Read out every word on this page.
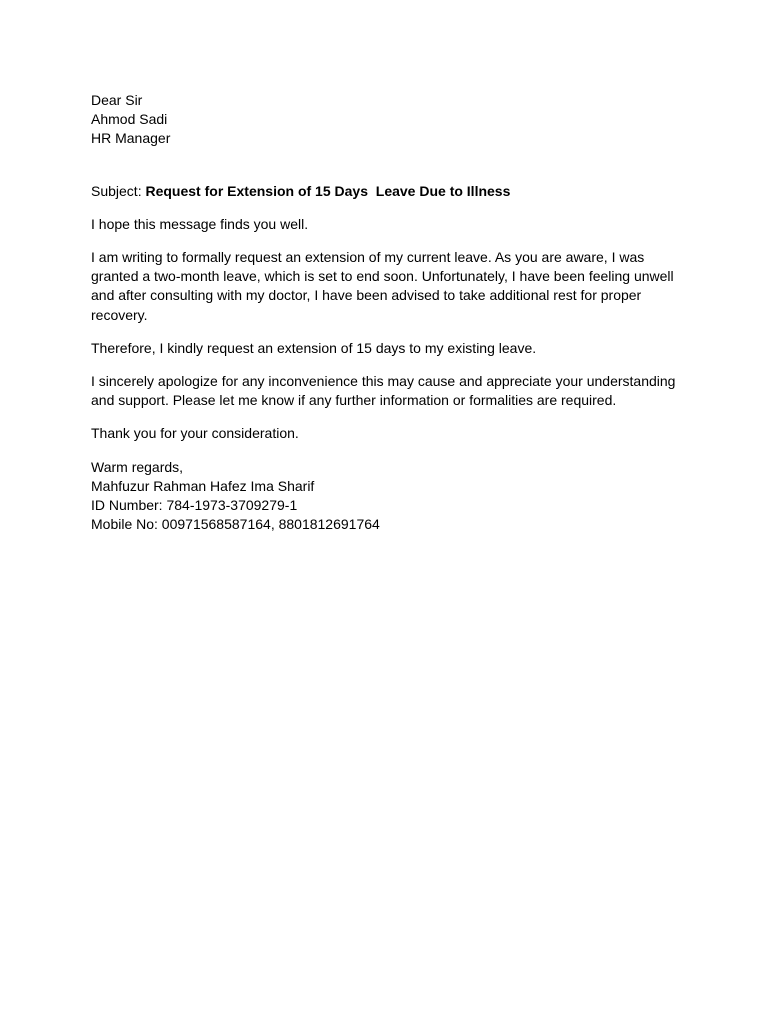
Dear Sir
Ahmod Sadi
HR Manager
Subject: Request for Extension of 15 Days  Leave Due to Illness
I hope this message finds you well.
I am writing to formally request an extension of my current leave. As you are aware, I was
granted a two-month leave, which is set to end soon. Unfortunately, I have been feeling unwell
and after consulting with my doctor, I have been advised to take additional rest for proper
recovery.
Therefore, I kindly request an extension of 15 days to my existing leave.
I sincerely apologize for any inconvenience this may cause and appreciate your understanding
and support. Please let me know if any further information or formalities are required.
Thank you for your consideration.
Warm regards,
Mahfuzur Rahman Hafez Ima Sharif
ID Number: 784-1973-3709279-1
Mobile No: 00971568587164, 8801812691764
